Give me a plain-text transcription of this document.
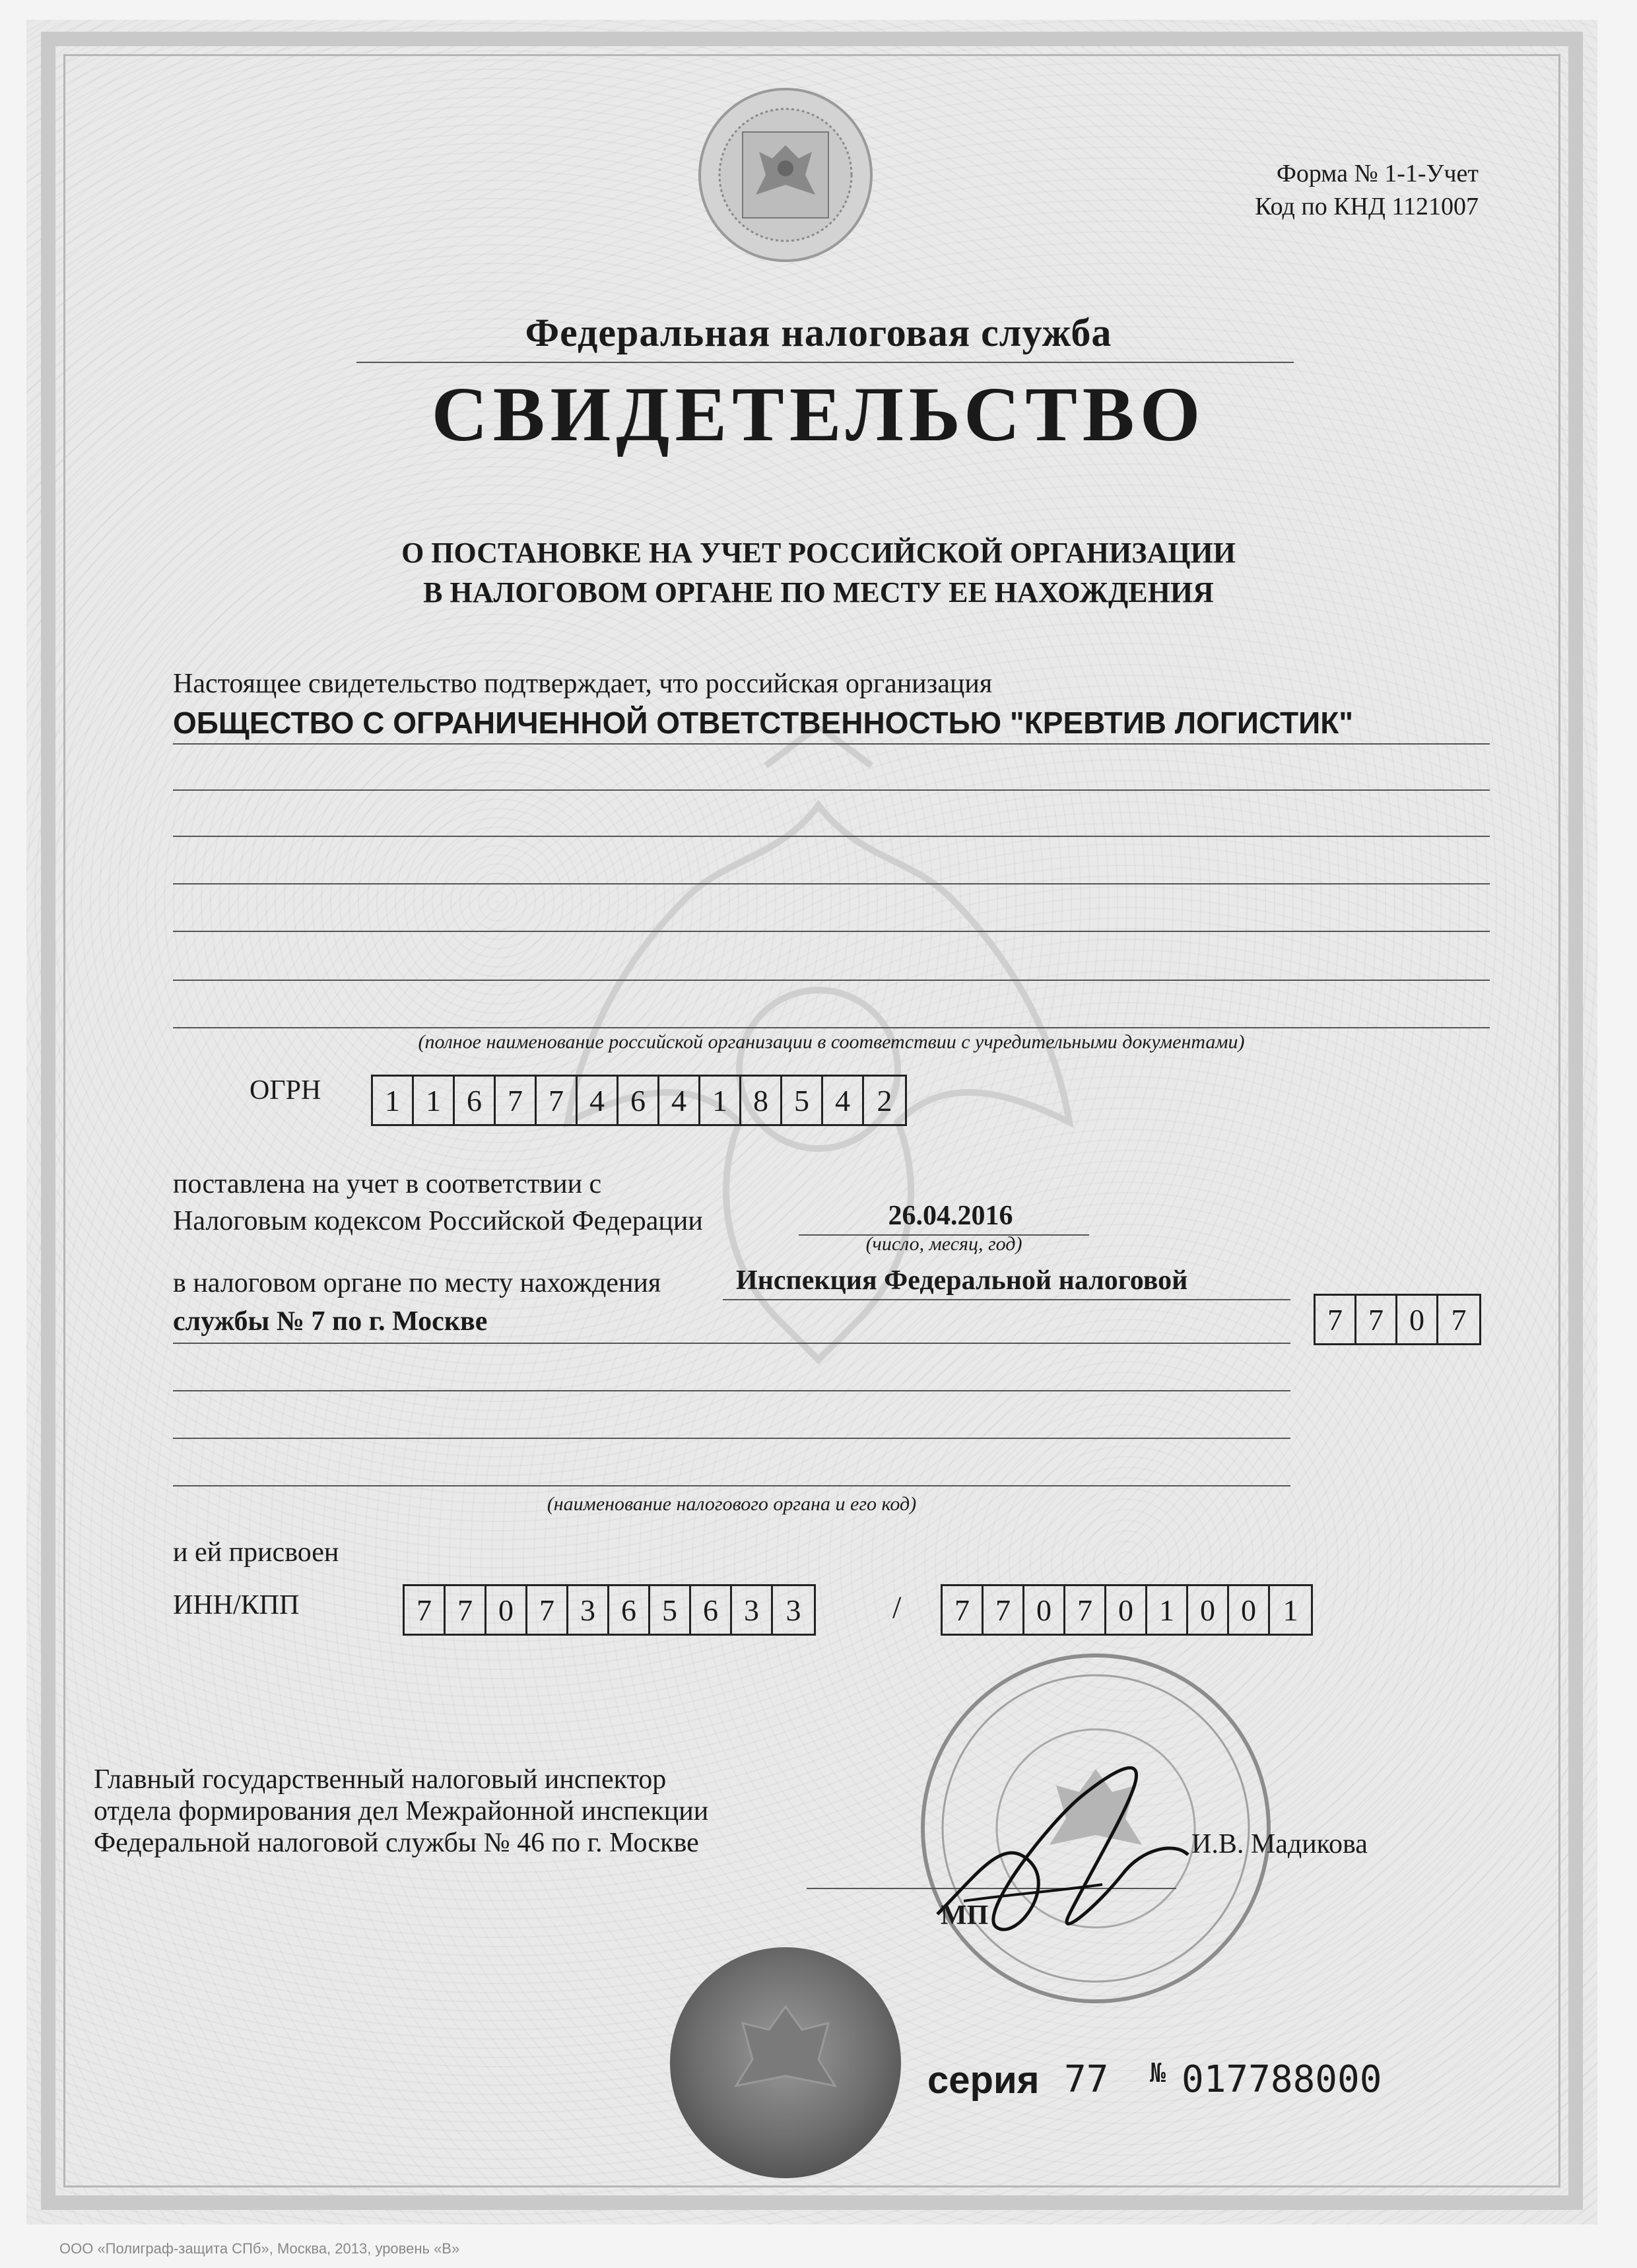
Форма № 1-1-Учет
Код по КНД 1121007
Федеральная налоговая служба
СВИДЕТЕЛЬСТВО
О ПОСТАНОВКЕ НА УЧЕТ РОССИЙСКОЙ ОРГАНИЗАЦИИ
В НАЛОГОВОМ ОРГАНЕ ПО МЕСТУ ЕЕ НАХОЖДЕНИЯ
Настоящее свидетельство подтверждает, что российская организация
ОБЩЕСТВО С ОГРАНИЧЕННОЙ ОТВЕТСТВЕННОСТЬЮ "КРЕВТИВ ЛОГИСТИК"
(полное наименование российской организации в соответствии с учредительными документами)
ОГРН	1 1 6 7 7 4 6 4 1 8 5 4 2
поставлена на учет в соответствии с
Налоговым кодексом Российской Федерации	26.04.2016
(число, месяц, год)
в налоговом органе по месту нахождения	Инспекция Федеральной налоговой
службы № 7 по г. Москве	7 7 0 7
(наименование налогового органа и его код)
и ей присвоен
ИНН/КПП	7 7 0 7 3 6 5 6 3 3	/	7 7 0 7 0 1 0 0 1
Главный государственный налоговый инспектор
отдела формирования дел Межрайонной инспекции
Федеральной налоговой службы № 46 по г. Москве	И.В. Мадикова
МП
серия 77 № 017788000
ООО «Полиграф-защита СПб», Москва, 2013, уровень «В»
